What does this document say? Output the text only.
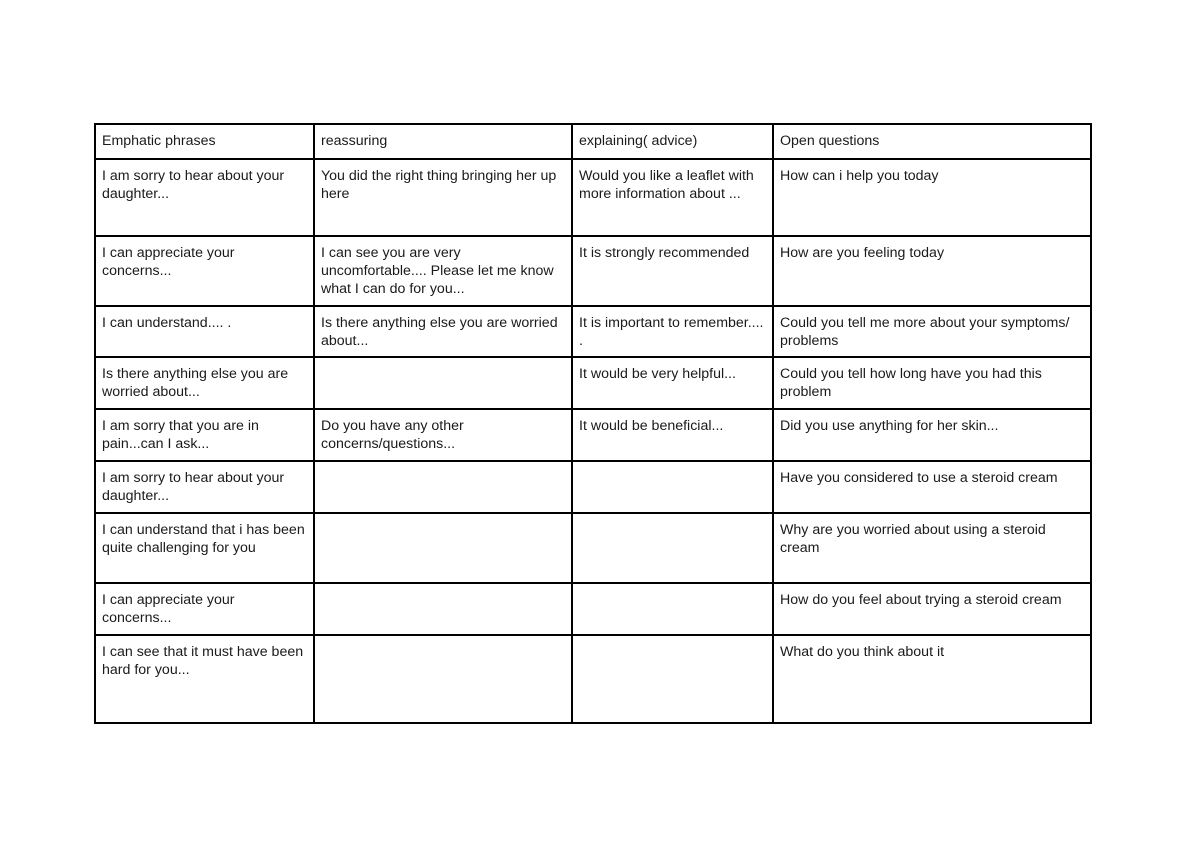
Emphatic phrases	reassuring	explaining( advice)	Open questions
I am sorry to hear about your daughter...	You did the right thing bringing her up here	Would you like a leaflet with more information about ...	How can i help you today
I can appreciate your concerns...	I can see you are very uncomfortable.... Please let me know what I can do for you...	It is strongly recommended	How are you feeling today
I can understand.... .	Is there anything else you are worried about...	It is important to remember.... .	Could you tell me more about your symptoms/ problems
Is there anything else you are worried about...		It would be very helpful...	Could you tell how long have you had this problem
I am sorry that you are in pain...can I ask...	Do you have any other concerns/questions...	It would be beneficial...	Did you use anything for her skin...
I am sorry to hear about your daughter...			Have you considered to use a steroid cream
I can understand that i has been quite challenging for you			Why are you worried about using a steroid cream
I can appreciate your concerns...			How do you feel about trying a steroid cream
I can see that it must have been hard for you...			What do you think about it
